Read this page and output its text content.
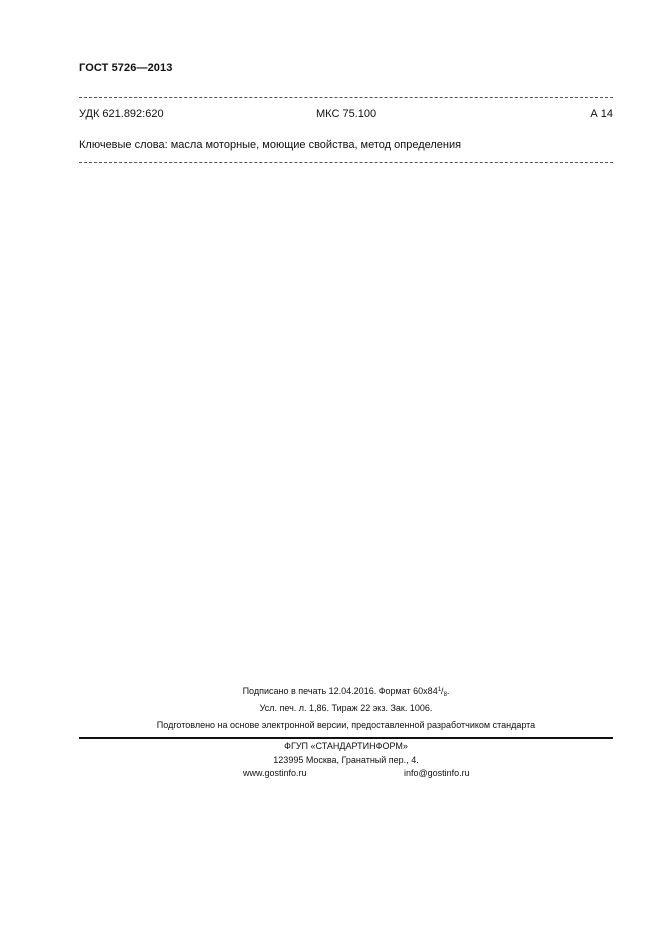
ГОСТ 5726—2013
УДК 621.892:620	МКС 75.100	А 14
Ключевые слова: масла моторные, моющие свойства, метод определения
Подписано в печать 12.04.2016. Формат $60х84^1/_8$.
Усл. печ. л. 1,86. Тираж 22 экз. Зак. 1006.
Подготовлено на основе электронной версии, предоставленной разработчиком стандарта
ФГУП «СТАНДАРТИНФОРМ»
123995 Москва, Гранатный пер., 4.
www.gostinfo.ru	info@gostinfo.ru
